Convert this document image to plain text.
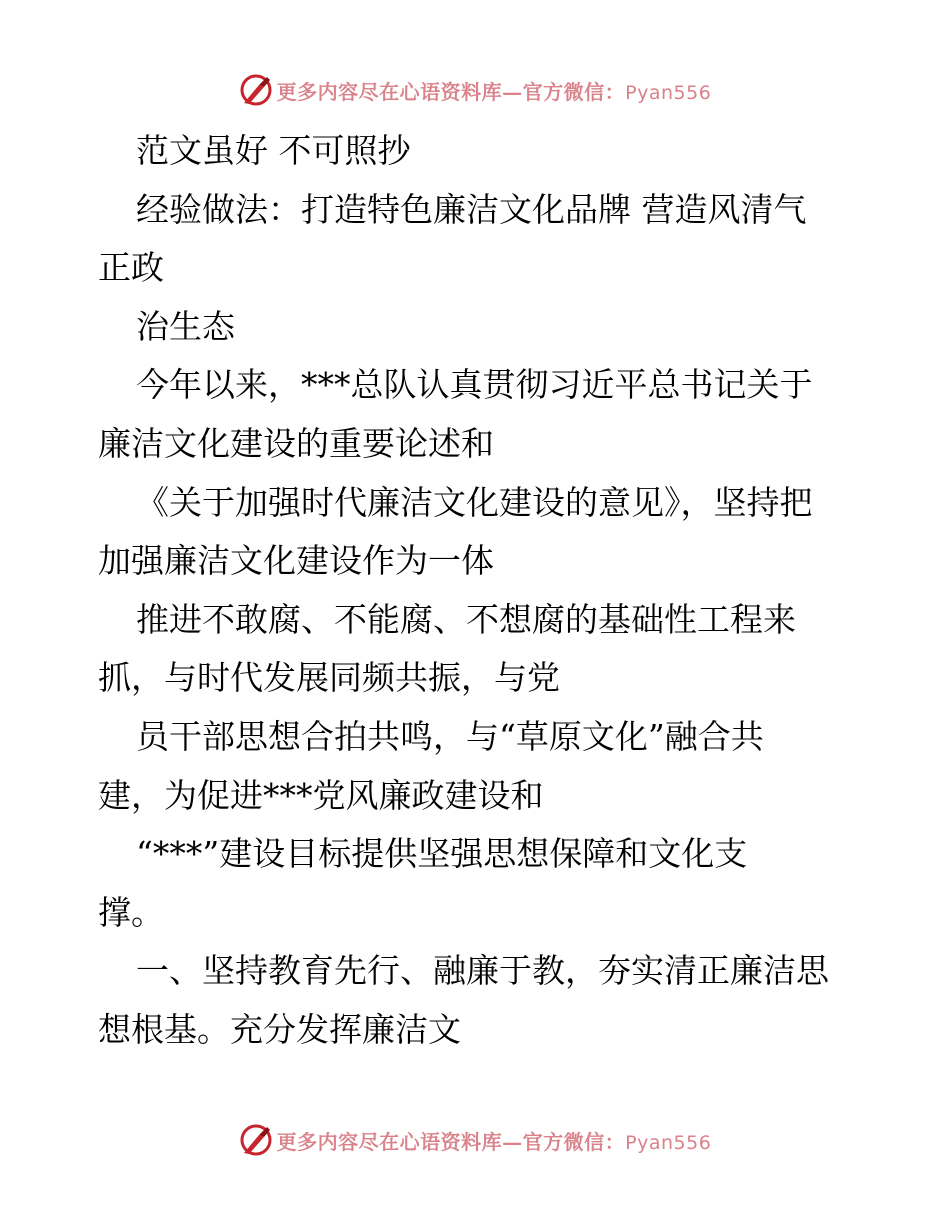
更多内容尽在心语资料库—官方微信：Pyan556
范文虽好 不可照抄
经验做法：打造特色廉洁文化品牌 营造风清气
正政
治生态
今年以来，***总队认真贯彻习近平总书记关于
廉洁文化建设的重要论述和
《关于加强时代廉洁文化建设的意见》，坚持把
加强廉洁文化建设作为一体
推进不敢腐、不能腐、不想腐的基础性工程来
抓，与时代发展同频共振，与党
员干部思想合拍共鸣，与“草原文化”融合共
建，为促进***党风廉政建设和
“***”建设目标提供坚强思想保障和文化支
撑。
一、坚持教育先行、融廉于教，夯实清正廉洁思
想根基。充分发挥廉洁文
更多内容尽在心语资料库—官方微信：Pyan556
